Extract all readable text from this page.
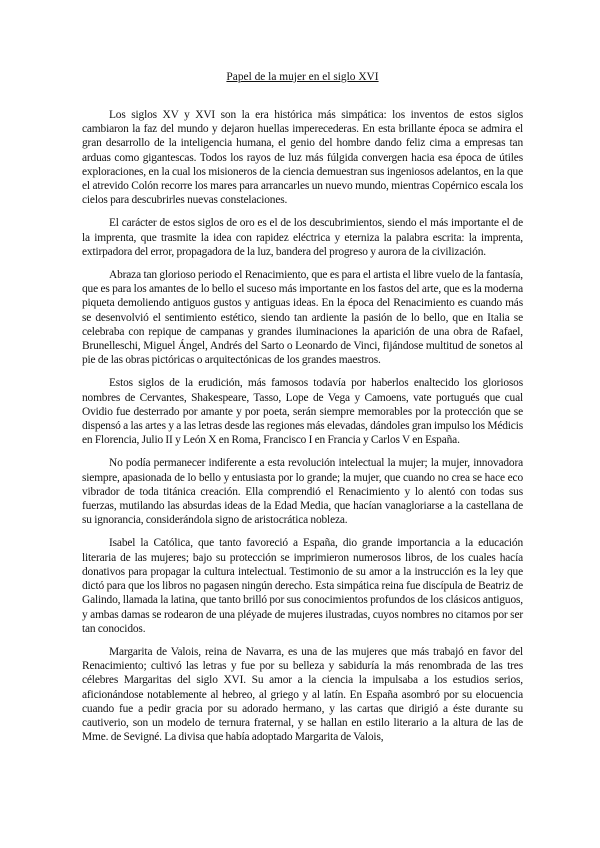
Papel de la mujer en el siglo XVI

Los siglos XV y XVI son la era histórica más simpática: los inventos de estos siglos cambiaron la faz del mundo y dejaron huellas imperecederas. En esta brillante época se admira el gran desarrollo de la inteligencia humana, el genio del hombre dando feliz cima a empresas tan arduas como gigantescas. Todos los rayos de luz más fúlgida convergen hacia esa época de útiles exploraciones, en la cual los misioneros de la ciencia demuestran sus ingeniosos adelantos, en la que el atrevido Colón recorre los mares para arrancarles un nuevo mundo, mientras Copérnico escala los cielos para descubrirles nuevas constelaciones.

El carácter de estos siglos de oro es el de los descubrimientos, siendo el más importante el de la imprenta, que trasmite la idea con rapidez eléctrica y eterniza la palabra escrita: la imprenta, extirpadora del error, propagadora de la luz, bandera del progreso y aurora de la civilización.

Abraza tan glorioso periodo el Renacimiento, que es para el artista el libre vuelo de la fantasía, que es para los amantes de lo bello el suceso más importante en los fastos del arte, que es la moderna piqueta demoliendo antiguos gustos y antiguas ideas. En la época del Renacimiento es cuando más se desenvolvió el sentimiento estético, siendo tan ardiente la pasión de lo bello, que en Italia se celebraba con repique de campanas y grandes iluminaciones la aparición de una obra de Rafael, Brunelleschi, Miguel Ángel, Andrés del Sarto o Leonardo de Vinci, fijándose multitud de sonetos al pie de las obras pictóricas o arquitectónicas de los grandes maestros.

Estos siglos de la erudición, más famosos todavía por haberlos enaltecido los gloriosos nombres de Cervantes, Shakespeare, Tasso, Lope de Vega y Camoens, vate portugués que cual Ovidio fue desterrado por amante y por poeta, serán siempre memorables por la protección que se dispensó a las artes y a las letras desde las regiones más elevadas, dándoles gran impulso los Médicis en Florencia, Julio II y León X en Roma, Francisco I en Francia y Carlos V en España.

No podía permanecer indiferente a esta revolución intelectual la mujer; la mujer, innovadora siempre, apasionada de lo bello y entusiasta por lo grande; la mujer, que cuando no crea se hace eco vibrador de toda titánica creación. Ella comprendió el Renacimiento y lo alentó con todas sus fuerzas, mutilando las absurdas ideas de la Edad Media, que hacían vanagloriarse a la castellana de su ignorancia, considerándola signo de aristocrática nobleza.

Isabel la Católica, que tanto favoreció a España, dio grande importancia a la educación literaria de las mujeres; bajo su protección se imprimieron numerosos libros, de los cuales hacía donativos para propagar la cultura intelectual. Testimonio de su amor a la instrucción es la ley que dictó para que los libros no pagasen ningún derecho. Esta simpática reina fue discípula de Beatriz de Galindo, llamada la latina, que tanto brilló por sus conocimientos profundos de los clásicos antiguos, y ambas damas se rodearon de una pléyade de mujeres ilustradas, cuyos nombres no citamos por ser tan conocidos.

Margarita de Valois, reina de Navarra, es una de las mujeres que más trabajó en favor del Renacimiento; cultivó las letras y fue por su belleza y sabiduría la más renombrada de las tres célebres Margaritas del siglo XVI. Su amor a la ciencia la impulsaba a los estudios serios, aficionándose notablemente al hebreo, al griego y al latín. En España asombró por su elocuencia cuando fue a pedir gracia por su adorado hermano, y las cartas que dirigió a éste durante su cautiverio, son un modelo de ternura fraternal, y se hallan en estilo literario a la altura de las de Mme. de Sevigné. La divisa que había adoptado Margarita de Valois,
